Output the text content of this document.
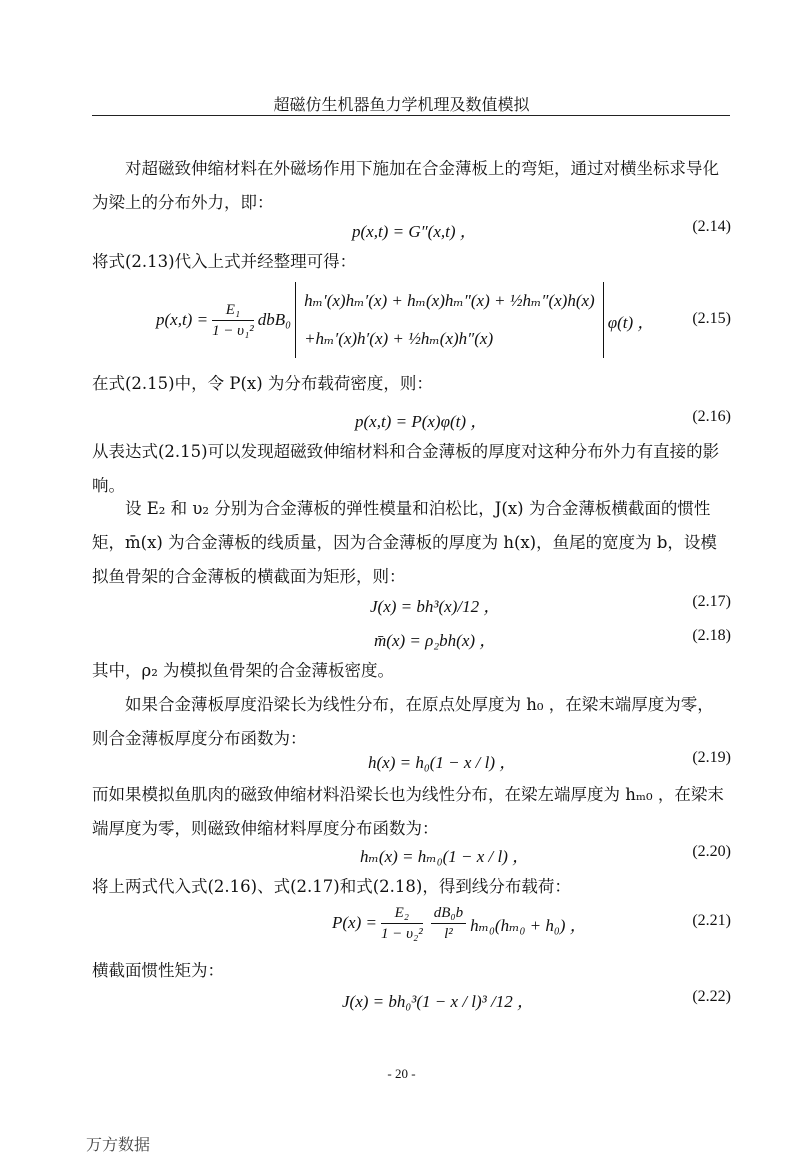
超磁仿生机器鱼力学机理及数值模拟
对超磁致伸缩材料在外磁场作用下施加在合金薄板上的弯矩，通过对横坐标求导化为梁上的分布外力，即：
p(x,t) = G″(x,t) ，	(2.14)
将式(2.13)代入上式并经整理可得：
$p(x,t) = \frac{\text{E₁}}{\text{1 − υ₁²}} dbB_0$
hₘ′(x)hₘ′(x) + hₘ(x)hₘ″(x) + ½hₘ″(x)h(x)
+hₘ′(x)h′(x) + ½hₘ(x)h″(x)
φ(t) ， (2.15)
在式(2.15)中，令 P(x) 为分布载荷密度，则：
p(x,t) = P(x)φ(t) ，	(2.16)
从表达式(2.15)可以发现超磁致伸缩材料和合金薄板的厚度对这种分布外力有直接的影响。
设 E₂ 和 υ₂ 分别为合金薄板的弹性模量和泊松比，J(x) 为合金薄板横截面的惯性矩，m̄(x) 为合金薄板的线质量，因为合金薄板的厚度为 h(x)，鱼尾的宽度为 b，设模拟鱼骨架的合金薄板的横截面为矩形，则：
J(x) = bh³(x)/12 ，	(2.17)
m̄(x) = ρ₂bh(x) ，	(2.18)
其中，ρ₂ 为模拟鱼骨架的合金薄板密度。
如果合金薄板厚度沿梁长为线性分布，在原点处厚度为 h₀ ，在梁末端厚度为零，则合金薄板厚度分布函数为：
h(x) = h₀(1 − x / l) ，	(2.19)
而如果模拟鱼肌肉的磁致伸缩材料沿梁长也为线性分布，在梁左端厚度为 hₘ₀ ，在梁末端厚度为零，则磁致伸缩材料厚度分布函数为：
hₘ(x) = hₘ₀(1 − x / l) ，	(2.20)
将上两式代入式(2.16)、式(2.17)和式(2.18)，得到线分布载荷：
$P(x) = \frac{\text{E₂}}{\text{1 − υ₂²}} \frac{\text{dB₀b}}{\text{l²}} h_{m0}(h_{m0} + h_0)$ ，	(2.21)
横截面惯性矩为：
J(x) = bh₀³(1 − x / l)³ /12 ，	(2.22)
- 20 -
万方数据
